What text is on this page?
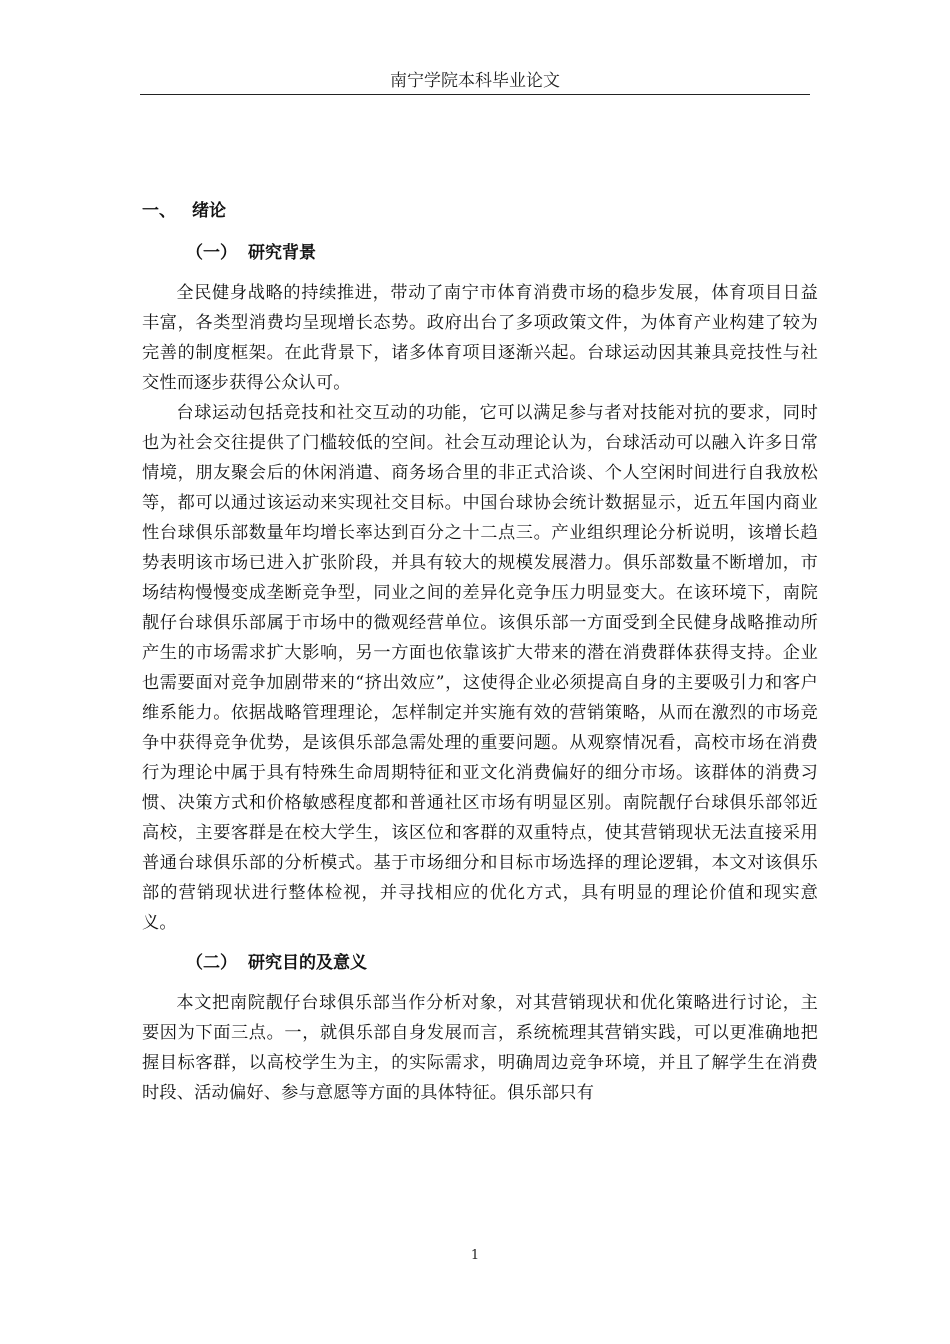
南宁学院本科毕业论文
一、 绪论
（一） 研究背景

全民健身战略的持续推进，带动了南宁市体育消费市场的稳步发展，体育项目日益丰富，各类型消费均呈现增长态势。政府出台了多项政策文件，为体育产业构建了较为完善的制度框架。在此背景下，诸多体育项目逐渐兴起。台球运动因其兼具竞技性与社交性而逐步获得公众认可。

台球运动包括竞技和社交互动的功能，它可以满足参与者对技能对抗的要求，同时也为社会交往提供了门槛较低的空间。社会互动理论认为，台球活动可以融入许多日常情境，朋友聚会后的休闲消遣、商务场合里的非正式洽谈、个人空闲时间进行自我放松等，都可以通过该运动来实现社交目标。中国台球协会统计数据显示，近五年国内商业性台球俱乐部数量年均增长率达到百分之十二点三。产业组织理论分析说明，该增长趋势表明该市场已进入扩张阶段，并具有较大的规模发展潜力。俱乐部数量不断增加，市场结构慢慢变成垄断竞争型，同业之间的差异化竞争压力明显变大。在该环境下，南院靓仔台球俱乐部属于市场中的微观经营单位。该俱乐部一方面受到全民健身战略推动所产生的市场需求扩大影响，另一方面也依靠该扩大带来的潜在消费群体获得支持。企业也需要面对竞争加剧带来的“挤出效应”，这使得企业必须提高自身的主要吸引力和客户维系能力。依据战略管理理论，怎样制定并实施有效的营销策略，从而在激烈的市场竞争中获得竞争优势，是该俱乐部急需处理的重要问题。从观察情况看，高校市场在消费行为理论中属于具有特殊生命周期特征和亚文化消费偏好的细分市场。该群体的消费习惯、决策方式和价格敏感程度都和普通社区市场有明显区别。南院靓仔台球俱乐部邻近高校，主要客群是在校大学生，该区位和客群的双重特点，使其营销现状无法直接采用普通台球俱乐部的分析模式。基于市场细分和目标市场选择的理论逻辑，本文对该俱乐部的营销现状进行整体检视，并寻找相应的优化方式，具有明显的理论价值和现实意义。

（二） 研究目的及意义

本文把南院靓仔台球俱乐部当作分析对象，对其营销现状和优化策略进行讨论，主要因为下面三点。一，就俱乐部自身发展而言，系统梳理其营销实践，可以更准确地把握目标客群，以高校学生为主，的实际需求，明确周边竞争环境，并且了解学生在消费时段、活动偏好、参与意愿等方面的具体特征。俱乐部只有

1
